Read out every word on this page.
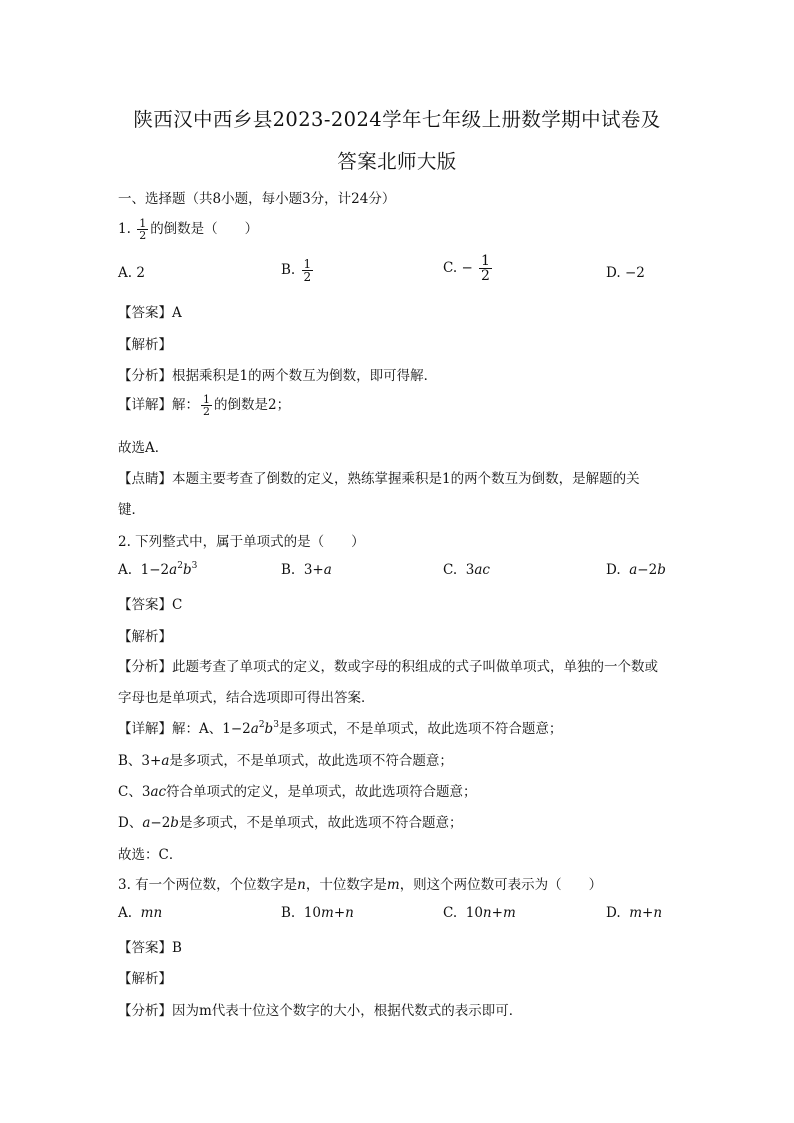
陕西汉中西乡县2023-2024学年七年级上册数学期中试卷及
答案北师大版
一、选择题（共8小题，每小题3分，计24分）
1. $\frac{1}{2}$ 的倒数是（　　）
A. 2	B. $\frac{1}{2}$	C. − $\frac{1}{2}$	D. −2
【答案】A
【解析】
【分析】根据乘积是1的两个数互为倒数，即可得解．
【详解】解： $\frac{1}{2}$ 的倒数是2；
故选A．
【点睛】本题主要考查了倒数的定义，熟练掌握乘积是1的两个数互为倒数，是解题的关
键．
2. 下列整式中，属于单项式的是（　　）
A. $1-2a^2b^3$	B. 3+a	C. 3ac	D. a−2b
【答案】C
【解析】
【分析】此题考查了单项式的定义，数或字母的积组成的式子叫做单项式，单独的一个数或
字母也是单项式，结合选项即可得出答案．
【详解】解：A、$1-2a^2b^3$是多项式，不是单项式，故此选项不符合题意；
B、3+a是多项式，不是单项式，故此选项不符合题意；
C、3ac符合单项式的定义，是单项式，故此选项符合题意；
D、a−2b是多项式，不是单项式，故此选项不符合题意；
故选：C．
3. 有一个两位数，个位数字是n，十位数字是m，则这个两位数可表示为（　　）
A. mn	B. 10m+n	C. 10n+m	D. m+n
【答案】B
【解析】
【分析】因为m代表十位这个数字的大小，根据代数式的表示即可．
